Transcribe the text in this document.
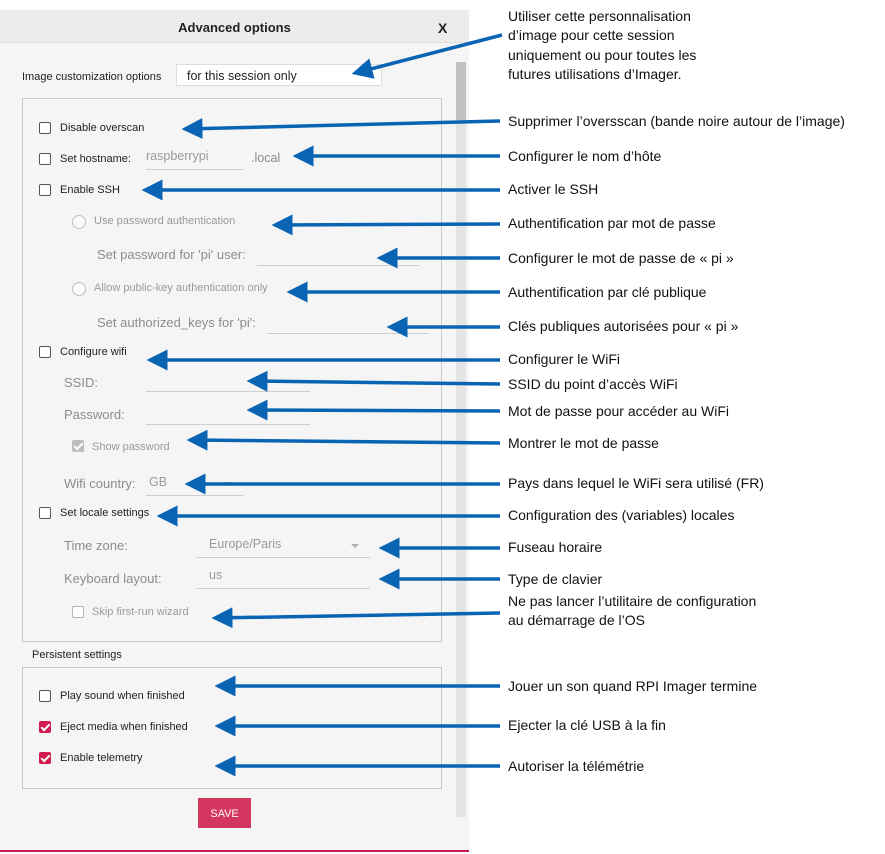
Advanced options	X
Image customization options for this session only
Disable overscan
Set hostname: raspberrypi	.local
Enable SSH
Use password authentication
Set password for 'pi' user:
Allow public-key authentication only
Set authorized_keys for 'pi':
Configure wifi
SSID:
Password:
Show password
Wifi country: GB
Set locale settings
Time zone:	Europe/Paris
Keyboard layout:	us
Skip first-run wizard
Persistent settings
Play sound when finished
Eject media when finished
Enable telemetry
SAVE
Utiliser cette personnalisation
d’image pour cette session
uniquement ou pour toutes les
futures utilisations d’Imager.
Supprimer l’oversscan (bande noire autour de l’image)
Configurer le nom d’hôte
Activer le SSH
Authentification par mot de passe
Configurer le mot de passe de « pi »
Authentification par clé publique
Clés publiques autorisées pour « pi »
Configurer le WiFi
SSID du point d’accès WiFi
Mot de passe pour accéder au WiFi
Montrer le mot de passe
Pays dans lequel le WiFi sera utilisé (FR)
Configuration des (variables) locales
Fuseau horaire
Type de clavier
Ne pas lancer l’utilitaire de configuration
au démarrage de l’OS
Jouer un son quand RPI Imager termine
Ejecter la clé USB à la fin
Autoriser la télémétrie
